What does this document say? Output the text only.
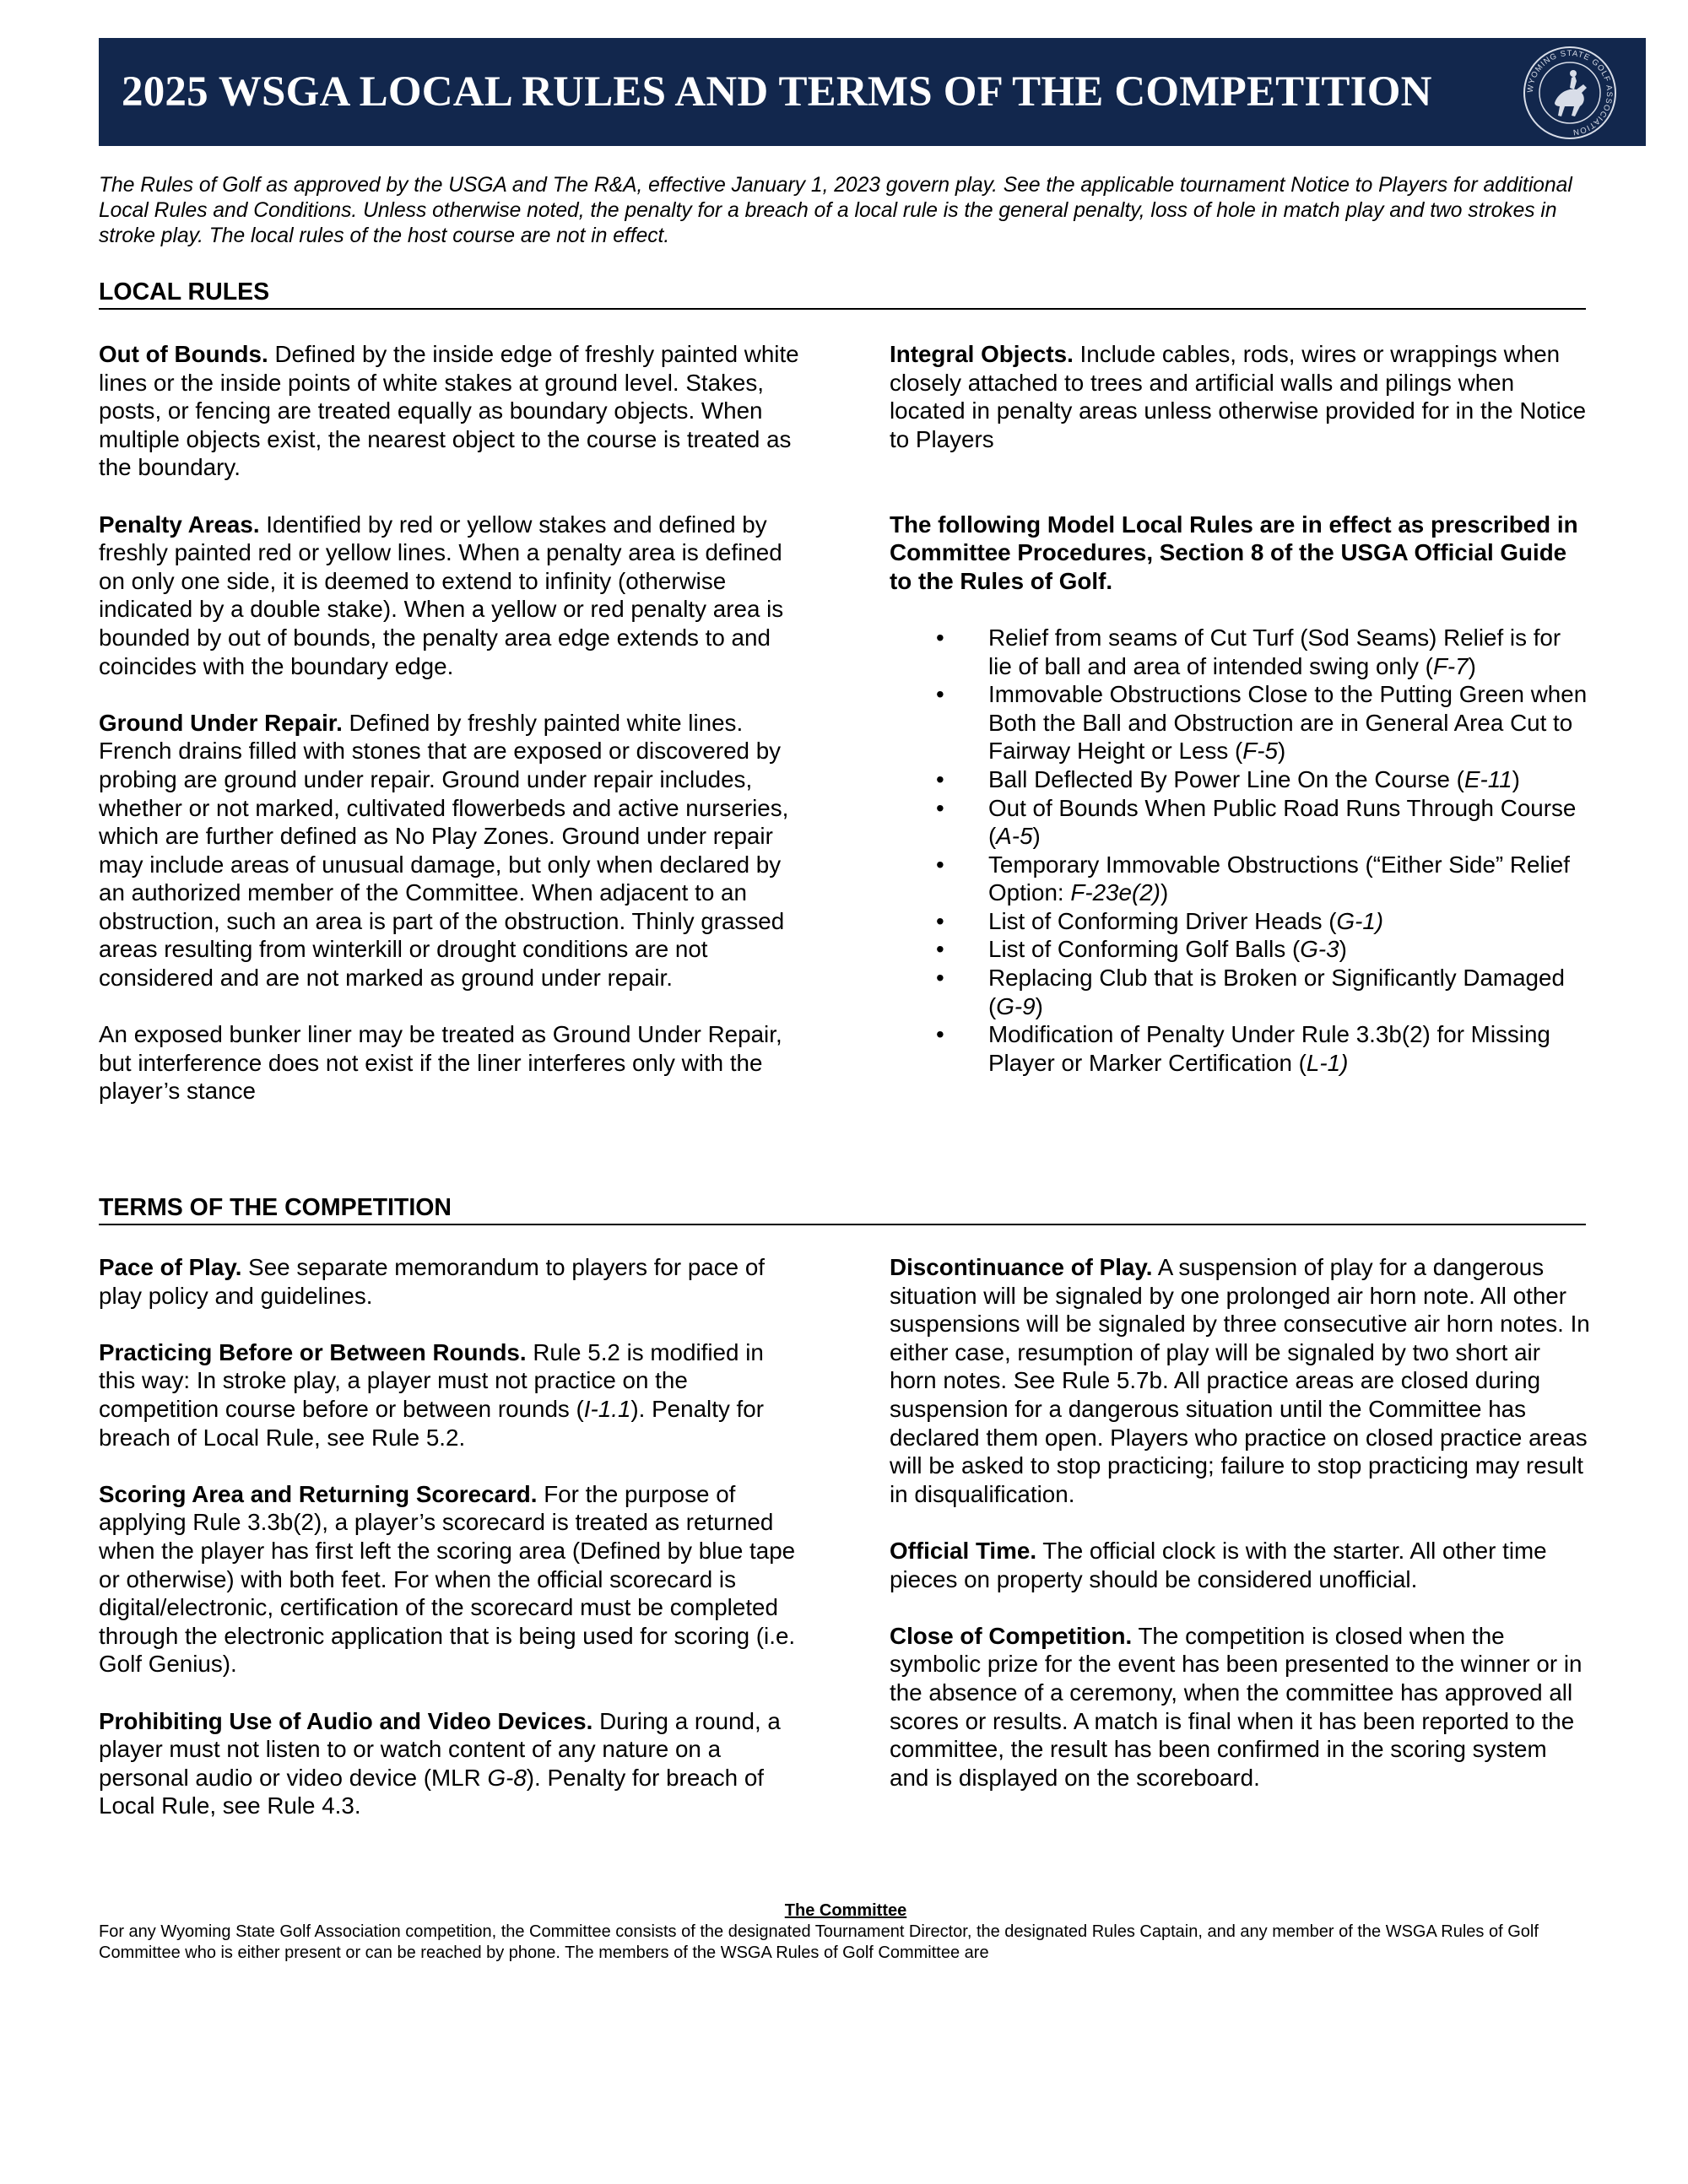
2025 WSGA LOCAL RULES AND TERMS OF THE COMPETITION	WYOMING STATE GOLF ASSOCIATION

The Rules of Golf as approved by the USGA and The R&A, effective January 1, 2023 govern play. See the applicable tournament Notice to Players for additional Local Rules and Conditions. Unless otherwise noted, the penalty for a breach of a local rule is the general penalty, loss of hole in match play and two strokes in stroke play. The local rules of the host course are not in effect.

LOCAL RULES

Out of Bounds. Defined by the inside edge of freshly painted white lines or the inside points of white stakes at ground level. Stakes, posts, or fencing are treated equally as boundary objects. When multiple objects exist, the nearest object to the course is treated as the boundary.

Penalty Areas. Identified by red or yellow stakes and defined by freshly painted red or yellow lines. When a penalty area is defined on only one side, it is deemed to extend to infinity (otherwise indicated by a double stake). When a yellow or red penalty area is bounded by out of bounds, the penalty area edge extends to and coincides with the boundary edge.

Ground Under Repair. Defined by freshly painted white lines. French drains filled with stones that are exposed or discovered by probing are ground under repair. Ground under repair includes, whether or not marked, cultivated flowerbeds and active nurseries, which are further defined as No Play Zones. Ground under repair may include areas of unusual damage, but only when declared by an authorized member of the Committee. When adjacent to an obstruction, such an area is part of the obstruction. Thinly grassed areas resulting from winterkill or drought conditions are not considered and are not marked as ground under repair.

An exposed bunker liner may be treated as Ground Under Repair, but interference does not exist if the liner interferes only with the player’s stance

Integral Objects. Include cables, rods, wires or wrappings when closely attached to trees and artificial walls and pilings when located in penalty areas unless otherwise provided for in the Notice to Players

The following Model Local Rules are in effect as prescribed in Committee Procedures, Section 8 of the USGA Official Guide to the Rules of Golf.

• Relief from seams of Cut Turf (Sod Seams) Relief is for lie of ball and area of intended swing only (F-7)
• Immovable Obstructions Close to the Putting Green when Both the Ball and Obstruction are in General Area Cut to Fairway Height or Less (F-5)
• Ball Deflected By Power Line On the Course (E-11)
• Out of Bounds When Public Road Runs Through Course (A-5)
• Temporary Immovable Obstructions (“Either Side” Relief Option: F-23e(2))
• List of Conforming Driver Heads (G-1)
• List of Conforming Golf Balls (G-3)
• Replacing Club that is Broken or Significantly Damaged (G-9)
• Modification of Penalty Under Rule 3.3b(2) for Missing Player or Marker Certification (L-1)
TERMS OF THE COMPETITION

Pace of Play. See separate memorandum to players for pace of play policy and guidelines.

Practicing Before or Between Rounds. Rule 5.2 is modified in this way: In stroke play, a player must not practice on the competition course before or between rounds (I-1.1). Penalty for breach of Local Rule, see Rule 5.2.

Scoring Area and Returning Scorecard. For the purpose of applying Rule 3.3b(2), a player’s scorecard is treated as returned when the player has first left the scoring area (Defined by blue tape or otherwise) with both feet. For when the official scorecard is digital/electronic, certification of the scorecard must be completed through the electronic application that is being used for scoring (i.e. Golf Genius).

Prohibiting Use of Audio and Video Devices. During a round, a player must not listen to or watch content of any nature on a personal audio or video device (MLR G-8). Penalty for breach of Local Rule, see Rule 4.3.

Discontinuance of Play. A suspension of play for a dangerous situation will be signaled by one prolonged air horn note. All other suspensions will be signaled by three consecutive air horn notes. In either case, resumption of play will be signaled by two short air horn notes. See Rule 5.7b. All practice areas are closed during suspension for a dangerous situation until the Committee has declared them open. Players who practice on closed practice areas will be asked to stop practicing; failure to stop practicing may result in disqualification.

Official Time. The official clock is with the starter. All other time pieces on property should be considered unofficial.

Close of Competition. The competition is closed when the symbolic prize for the event has been presented to the winner or in the absence of a ceremony, when the committee has approved all scores or results. A match is final when it has been reported to the committee, the result has been confirmed in the scoring system and is displayed on the scoreboard.

The Committee

For any Wyoming State Golf Association competition, the Committee consists of the designated Tournament Director, the designated Rules Captain, and any member of the WSGA Rules of Golf Committee who is either present or can be reached by phone. The members of the WSGA Rules of Golf Committee are
